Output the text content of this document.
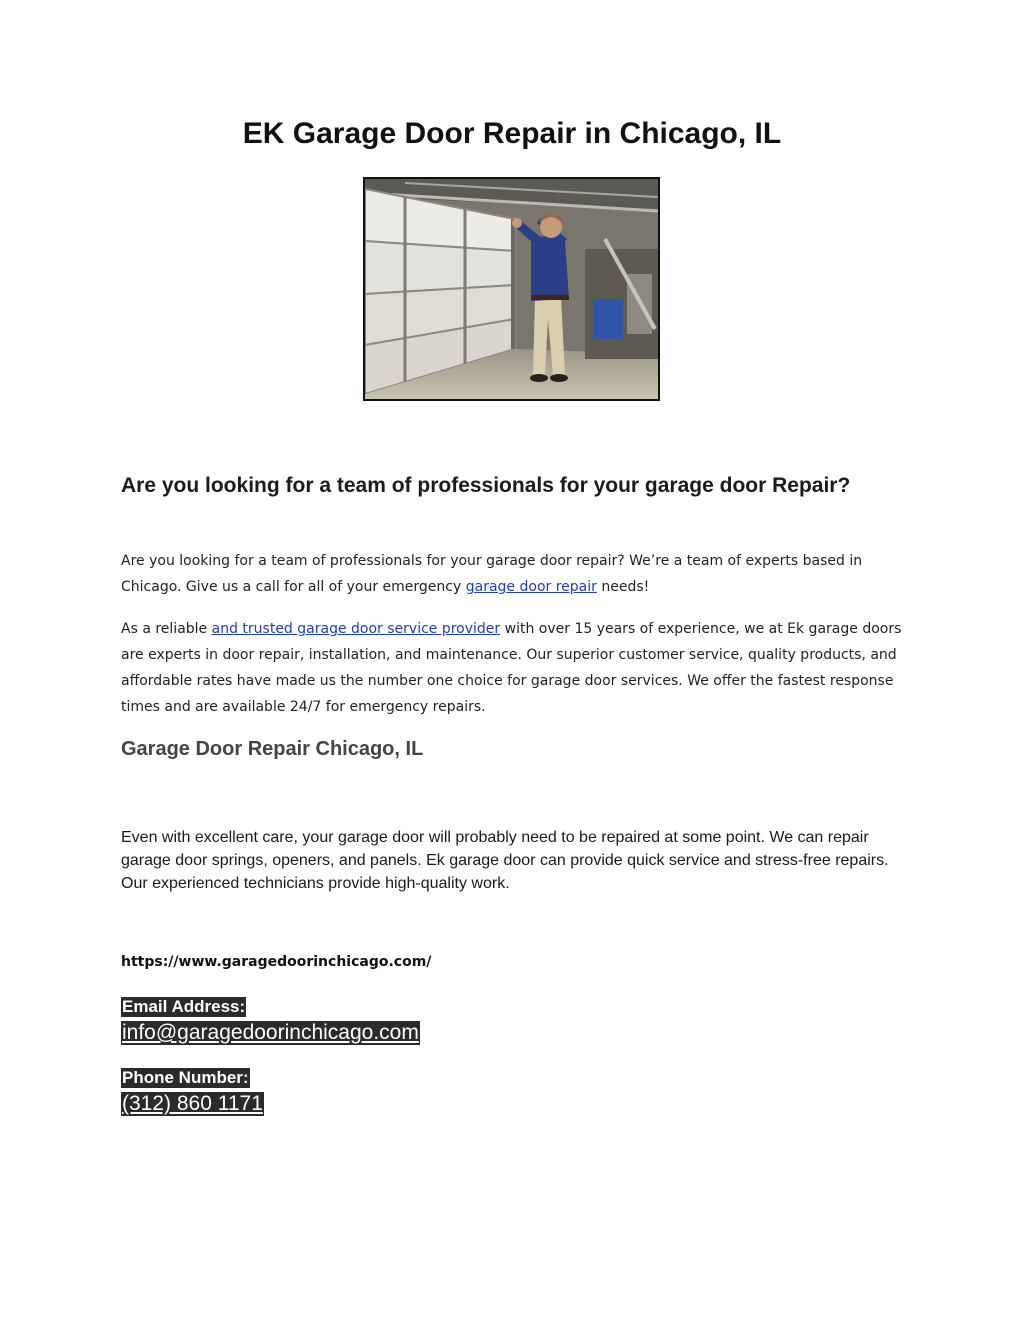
EK Garage Door Repair in Chicago, IL
Are you looking for a team of professionals for your garage door Repair?

Are you looking for a team of professionals for your garage door repair? We’re a team of experts based in Chicago. Give us a call for all of your emergency garage door repair needs!

As a reliable and trusted garage door service provider with over 15 years of experience, we at Ek garage doors are experts in door repair, installation, and maintenance. Our superior customer service, quality products, and affordable rates have made us the number one choice for garage door services. We offer the fastest response times and are available 24/7 for emergency repairs.

Garage Door Repair Chicago, IL

Even with excellent care, your garage door will probably need to be repaired at some point. We can repair garage door springs, openers, and panels. Ek garage door can provide quick service and stress-free repairs. Our experienced technicians provide high-quality work.

https://www.garagedoorinchicago.com/

Email Address:
info@garagedoorinchicago.com
Phone Number:
(312) 860 1171
